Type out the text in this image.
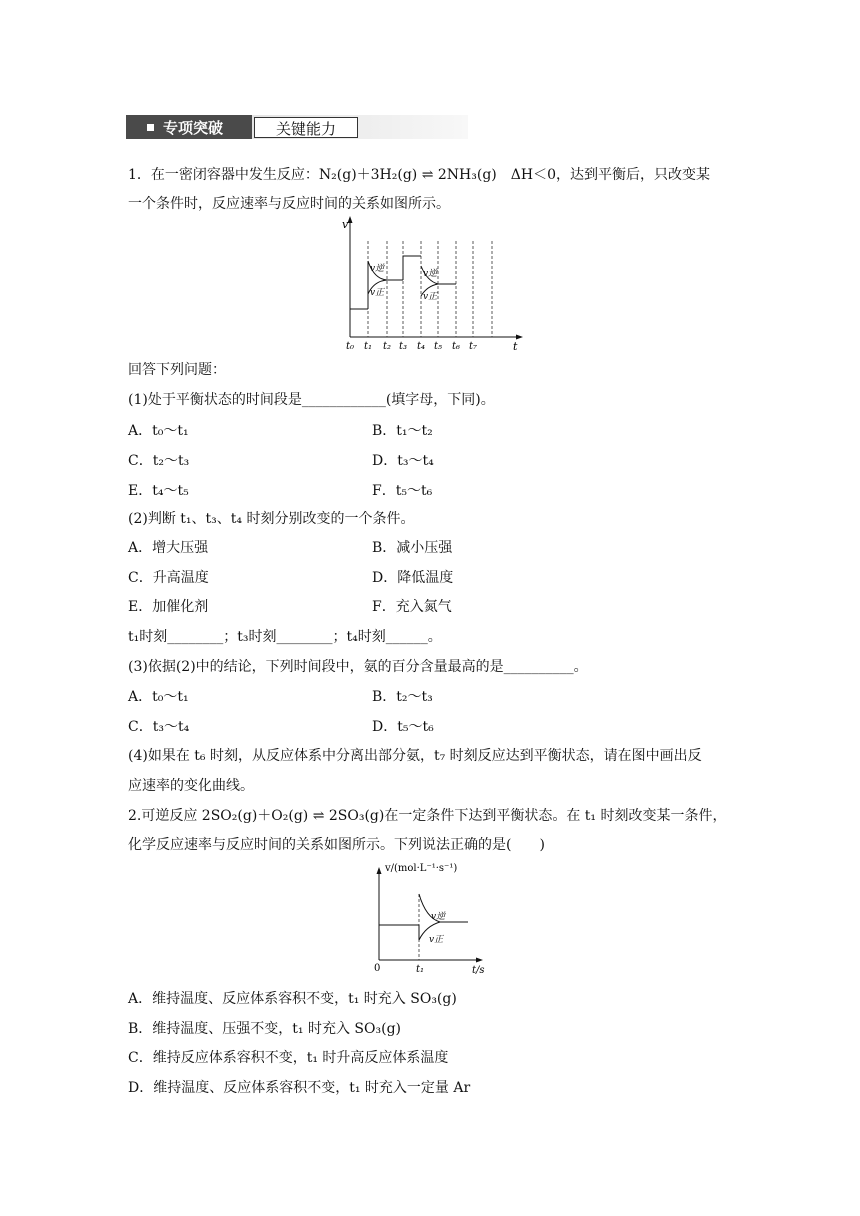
专项突破	关键能力
1．在一密闭容器中发生反应：N₂(g)＋3H₂(g) ⇌ 2NH₃(g)　ΔH＜0，达到平衡后，只改变某
一个条件时，反应速率与反应时间的关系如图所示。
v
t
v逆
v正
v逆
v正
t₀ t₁ t₂ t₃ t₄ t₅ t₆ t₇
回答下列问题：
(1)处于平衡状态的时间段是____________(填字母，下同)。
A．t₀～t₁	B．t₁～t₂
C．t₂～t₃	D．t₃～t₄
E．t₄～t₅	F．t₅～t₆
(2)判断 t₁、t₃、t₄ 时刻分别改变的一个条件。
A．增大压强	B．减小压强
C．升高温度	D．降低温度
E．加催化剂	F．充入氮气
t₁时刻________；t₃时刻________；t₄时刻______。
(3)依据(2)中的结论，下列时间段中，氨的百分含量最高的是__________。
A．t₀～t₁	B．t₂～t₃
C．t₃～t₄	D．t₅～t₆
(4)如果在 t₆ 时刻，从反应体系中分离出部分氨，t₇ 时刻反应达到平衡状态，请在图中画出反
应速率的变化曲线。
2.可逆反应 2SO₂(g)＋O₂(g) ⇌ 2SO₃(g)在一定条件下达到平衡状态。在 t₁ 时刻改变某一条件，
化学反应速率与反应时间的关系如图所示。下列说法正确的是(　　)
v/(mol·L⁻¹·s⁻¹)
t/s
0	t₁
v逆
v正
A．维持温度、反应体系容积不变，t₁ 时充入 SO₃(g)
B．维持温度、压强不变，t₁ 时充入 SO₃(g)
C．维持反应体系容积不变，t₁ 时升高反应体系温度
D．维持温度、反应体系容积不变，t₁ 时充入一定量 Ar
